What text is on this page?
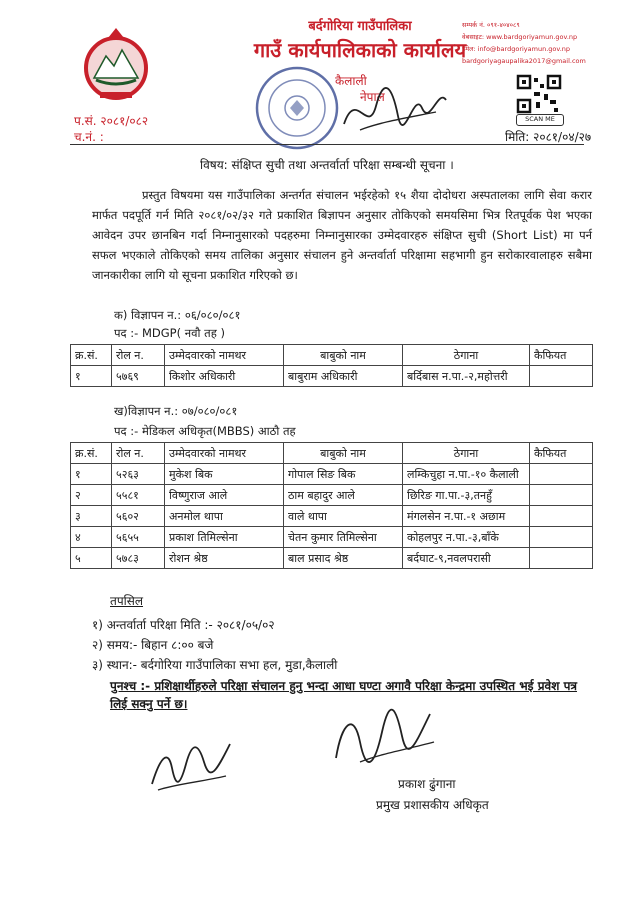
बर्दगोरिया गाउँपालिका
गाउँ कार्यपालिकाको कार्यालय
सम्पर्क नं. ०९१-४०४०८९
वेबसाइट: www.bardgoriyamun.gov.np
इमेल: info@bardgoriyamun.gov.np
bardgoriyagaupalika2017@gmail.com
कैलाली
नेपाल
SCAN ME
प.सं. २०८१/०८२
च.नं. :	मिति: २०८१/०४/२७
विषय: संक्षिप्त सुची तथा अन्तर्वार्ता परिक्षा सम्बन्धी सूचना ।
प्रस्तुत विषयमा यस गाउँपालिका अन्तर्गत संचालन भईरहेको १५ शैया दोदोधरा अस्पतालका लागि सेवा करार मार्फत पदपूर्ति गर्न मिति २०८१/०२/३२ गते प्रकाशित बिज्ञापन अनुसार तोकिएको समयसिमा भित्र रितपूर्वक पेश भएका आवेदन उपर छानबिन गर्दा निम्नानुसारको पदहरुमा निम्नानुसारका उम्मेदवारहरु संक्षिप्त सुची (Short List) मा पर्न सफल भएकाले तोकिएको समय तालिका अनुसार संचालन हुने अन्तर्वार्ता परिक्षामा सहभागी हुन सरोकारवालाहरु सबैमा जानकारीका लागि यो सूचना प्रकाशित गरिएको छ।
क) विज्ञापन न.: ०६/०८०/०८१
पद :- MDGP( नवौ तह )
क्र.सं.	रोल न.	उम्मेदवारको नामथर	बाबुको नाम	ठेगाना	कैफियत
१	५७६९	किशोर अधिकारी	बाबुराम अधिकारी	बर्दिबास न.पा.-२,महोत्तरी	
ख)विज्ञापन न.: ०७/०८०/०८१
पद :- मेडिकल अधिकृत(MBBS) आठौ तह
क्र.सं.	रोल न.	उम्मेदवारको नामथर	बाबुको नाम	ठेगाना	कैफियत
१	५२६३	मुकेश बिक	गोपाल सिङ बिक	लम्किचुहा न.पा.-१० कैलाली	
२	५५८१	विष्णुराज आले	ठाम बहादुर आले	छिरिङ गा.पा.-३,तनहुँ	
३	५६०२	अनमोल थापा	वाले थापा	मंगलसेन न.पा.-१ अछाम	
४	५६५५	प्रकाश तिमिल्सेना	चेतन कुमार तिमिल्सेना	कोहलपुर न.पा.-३,बाँके	
५	५७८३	रोशन श्रेष्ठ	बाल प्रसाद श्रेष्ठ	बर्दघाट-९,नवलपरासी	
तपसिल
१) अन्तर्वार्ता परिक्षा मिति :- २०८१/०५/०२
२) समय:- बिहान ८:०० बजे
३) स्थान:- बर्दगोरिया गाउँपालिका सभा हल, मुडा,कैलाली
पुनश्च :- प्रशिक्षार्थीहरुले परिक्षा संचालन हुनु भन्दा आधा घण्टा अगावै परिक्षा केन्द्रमा उपस्थित भई प्रवेश पत्र लिई सक्नु पर्ने छ।
प्रकाश ढुंगाना
प्रमुख प्रशासकीय अधिकृत
